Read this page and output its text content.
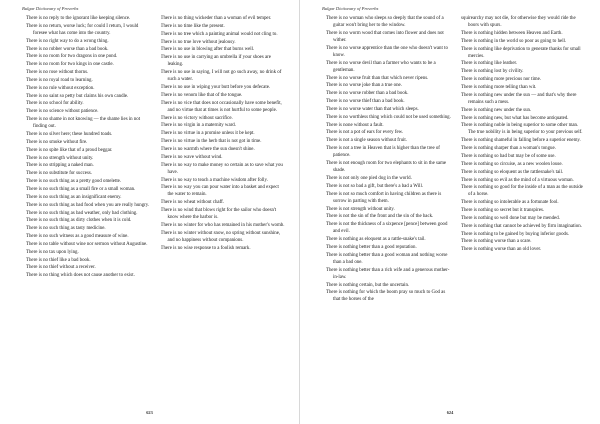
Bulgar Dictionary of Proverbs

There is no reply to the ignorant like keeping silence.

There is no return, worse luck; for could I return, I would foresee what has come into the country.

There is no right way to do a wrong thing.

There is no robber worse than a bad book.

There is no room for two dragons in one pond.

There is no room for two kings in one castle.

There is no rose without thorns.

There is no royal road to learning.

There is no rule without exception.

There is no saint so petty but claims his own candle.

There is no school for ability.

There is no science without patience.

There is no shame in not knowing — the shame lies in not finding out.

There is no silver here; these hundred toads.

There is no smoke without fire.

There is no spite like that of a proud beggar.

There is no strength without unity.

There is no stripping a naked man.

There is no substitute for success.

There is no such thing as a pretty good omelette.

There is no such thing as a small fire or a small woman.

There is no such thing as an insignificant enemy.

There is no such thing as bad food when you are really hungry.

There is no such thing as bad weather, only bad clothing.

There is no such thing as dirty clothes when it is cold.

There is no such thing as tasty medicine.

There is no such witness as a good measure of wine.

There is no table without wine nor sermon without Augustine.

There is no tax upon lying.

There is no thief like a bad book.

There is no thief without a receiver.

There is no thing which does not cause another to exist.

There is no thing wickeder than a woman of evil temper.

There is no time like the present.

There is no tree which a painting animal would not cling to.

There is no true love without jealousy.

There is no use in blowing after that burns well.

There is no use in carrying an umbrella if your shoes are leaking.

There is no use in saying, I will not go such away, no drink of such a water.

There is no use in wiping your butt before you defecate.

There is no venom like that of the tongue.

There is no vice that does not occasionally have some benefit, and no virtue that at times is not hurtful to some people.

There is no victory without sacrifice.

There is no virgin in a maternity ward.

There is no virtue in a promise unless it be kept.

There is no virtue in the herb that is not got in time.

There is no warmth where the sun doesn't shine.

There is no wave without wind.

There is no way to make money so certain as to save what you have.

There is no way to teach a machine wisdom after folly.

There is no way you can pour water into a basket and expect the water to remain.

There is no wheat without chaff.

There is no wind that blows right for the sailor who doesn't know where the harbor is.

There is no winter for who has remained in his mother's womb.

There is no winter without snow, no spring without sunshine, and no happiness without companions.

There is no wise response to a foolish remark.

623
Bulgar Dictionary of Proverbs

There is no woman who sleeps so deeply that the sound of a guitar won't bring her to the window.

There is no worm wood that comes into flower and does not wither.

There is no worse apprentice than the one who doesn't want to know.

There is no worse devil than a farmer who wants to be a gentleman.

There is no worse fruit than that which never ripens.

There is no worse joke than a true one.

There is no worse robber than a bad book.

There is no worse thief than a bad book.

There is no worse water than that which sleeps.

There is no worthless thing which could not be used something.

There is none without a fault.

There is not a pot of ears for every few.

There is not a single season without fruit.

There is not a tree in Heaven that is higher than the tree of patience.

There is not enough room for two elephants to sit in the same shade.

There is not only one pied dog in the world.

There is not so bad a gift, but there's a bad a Will.

There is not so much comfort in having children as there is sorrow in parting with them.

There is not strength without unity.

There is not the sin of the front and the sin of the back.

There is not the thickness of a sixpence [pence] between good and evil.

There is nothing as eloquent as a rattle-snake's tail.

There is nothing better than a good reputation.

There is nothing better than a good woman and nothing worse than a bad one.

There is nothing better than a rich wife and a generous mother-in-law.

There is nothing certain, but the uncertain.

There is nothing for which the boom pray so much to God as that the horses of the

squirearchy may not die, for otherwise they would ride the boors with spurs.

There is nothing hidden between Heaven and Earth.

There is nothing in the world so poor as going to hell.

There is nothing like deprivation to generate thanks for small mercies.

There is nothing like leather.

There is nothing lost by civility.

There is nothing more precious nor time.

There is nothing more telling than wit.

There is nothing new under the sun — and that's why there remains such a mess.

There is nothing new under the sun.

There is nothing new, but what has become antiquated.

There is nothing noble in being superior to some other man. The true nobility is in being superior to your previous self.

There is nothing shameful in falling before a superior enemy.

There is nothing sharper than a woman's tongue.

There is nothing so bad but may be of some use.

There is nothing so circuise, as a new woolen louse.

There is nothing so eloquent as the rattlesnake's tail.

There is nothing so evil as the mind of a virtuous woman.

There is nothing so good for the inside of a man as the outside of a horse.

There is nothing so intolerable as a fortunate fool.

There is nothing so secret but it transpires.

There is nothing so well done but may be mended.

There is nothing that cannot be achieved by firm imagination.

There is nothing to be gained by buying inferior goods.

There is nothing worse than a scare.

There is nothing worse than an old lover.

624
